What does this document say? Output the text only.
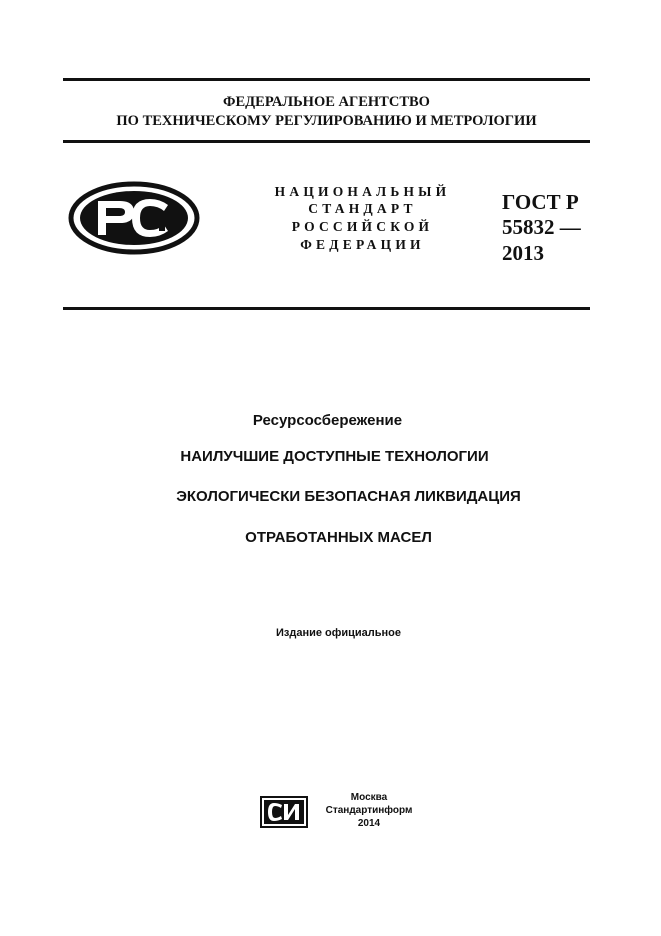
ФЕДЕРАЛЬНОЕ АГЕНТСТВО
ПО ТЕХНИЧЕСКОМУ РЕГУЛИРОВАНИЮ И МЕТРОЛОГИИ
НАЦИОНАЛЬНЫЙ
СТАНДАРТ
РОССИЙСКОЙ
ФЕДЕРАЦИИ
ГОСТ Р
55832 —
2013
Ресурсосбережение
НАИЛУЧШИЕ ДОСТУПНЫЕ ТЕХНОЛОГИИ
ЭКОЛОГИЧЕСКИ БЕЗОПАСНАЯ ЛИКВИДАЦИЯ
ОТРАБОТАННЫХ МАСЕЛ
Издание официальное
Москва
Стандартинформ
2014
